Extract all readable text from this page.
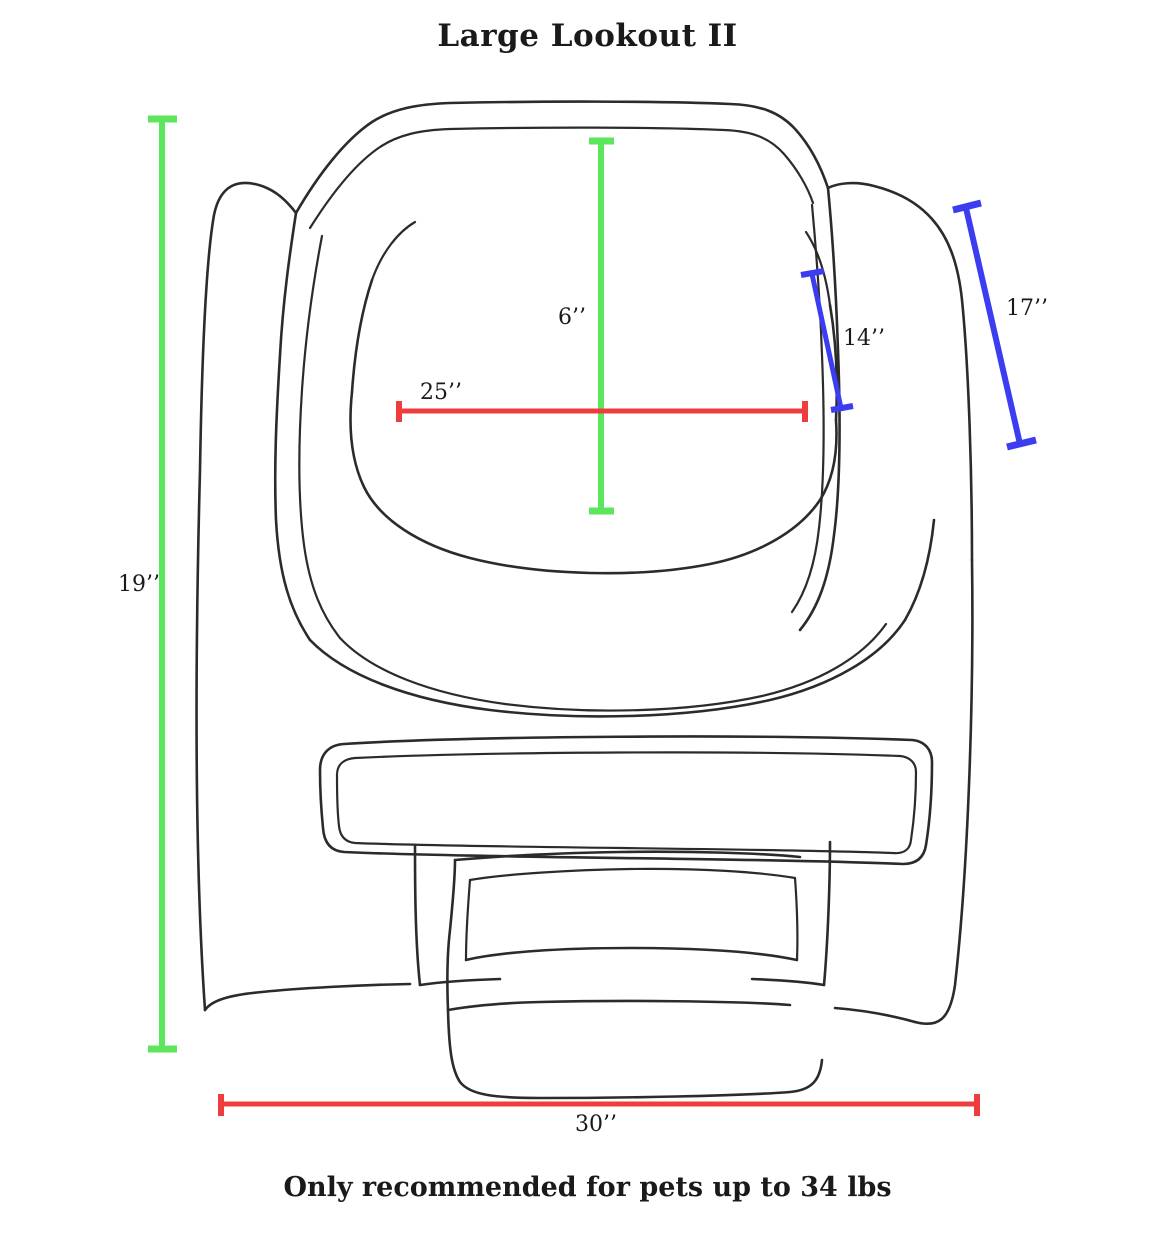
Large Lookout II
19’’
6’’
25’’
14’’
17’’
30’’
Only recommended for pets up to 34 lbs
